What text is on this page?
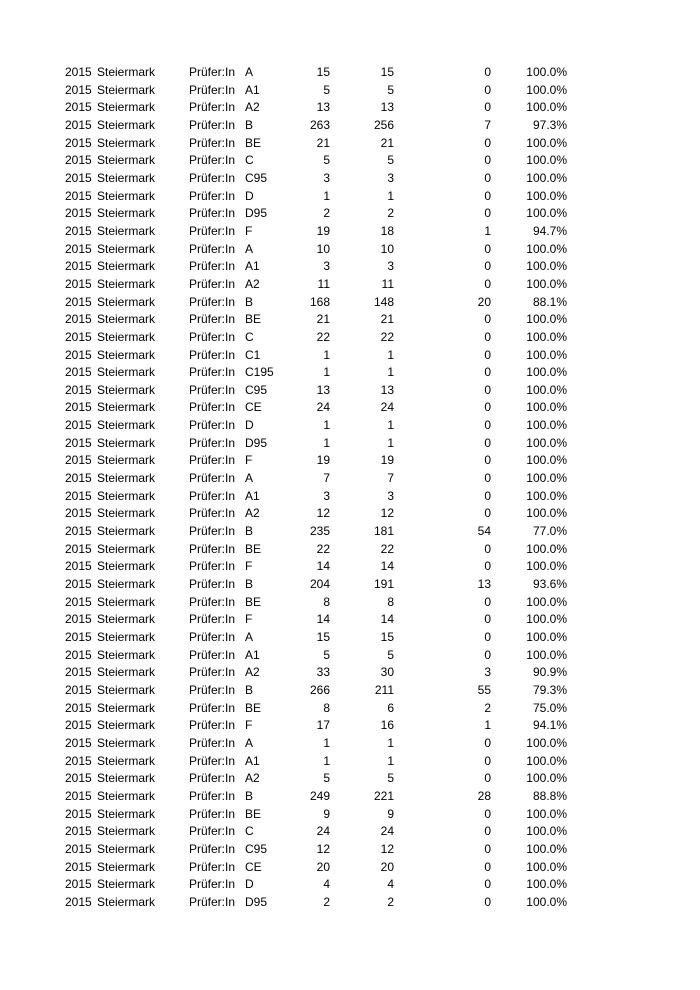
2015 Steiermark	Prüfer:In A	15	15	0	100.0%
2015 Steiermark	Prüfer:In A1	5	5	0	100.0%
2015 Steiermark	Prüfer:In A2	13	13	0	100.0%
2015 Steiermark	Prüfer:In B	263	256	7	97.3%
2015 Steiermark	Prüfer:In BE	21	21	0	100.0%
2015 Steiermark	Prüfer:In C	5	5	0	100.0%
2015 Steiermark	Prüfer:In C95	3	3	0	100.0%
2015 Steiermark	Prüfer:In D	1	1	0	100.0%
2015 Steiermark	Prüfer:In D95	2	2	0	100.0%
2015 Steiermark	Prüfer:In F	19	18	1	94.7%
2015 Steiermark	Prüfer:In A	10	10	0	100.0%
2015 Steiermark	Prüfer:In A1	3	3	0	100.0%
2015 Steiermark	Prüfer:In A2	11	11	0	100.0%
2015 Steiermark	Prüfer:In B	168	148	20	88.1%
2015 Steiermark	Prüfer:In BE	21	21	0	100.0%
2015 Steiermark	Prüfer:In C	22	22	0	100.0%
2015 Steiermark	Prüfer:In C1	1	1	0	100.0%
2015 Steiermark	Prüfer:In C195	1	1	0	100.0%
2015 Steiermark	Prüfer:In C95	13	13	0	100.0%
2015 Steiermark	Prüfer:In CE	24	24	0	100.0%
2015 Steiermark	Prüfer:In D	1	1	0	100.0%
2015 Steiermark	Prüfer:In D95	1	1	0	100.0%
2015 Steiermark	Prüfer:In F	19	19	0	100.0%
2015 Steiermark	Prüfer:In A	7	7	0	100.0%
2015 Steiermark	Prüfer:In A1	3	3	0	100.0%
2015 Steiermark	Prüfer:In A2	12	12	0	100.0%
2015 Steiermark	Prüfer:In B	235	181	54	77.0%
2015 Steiermark	Prüfer:In BE	22	22	0	100.0%
2015 Steiermark	Prüfer:In F	14	14	0	100.0%
2015 Steiermark	Prüfer:In B	204	191	13	93.6%
2015 Steiermark	Prüfer:In BE	8	8	0	100.0%
2015 Steiermark	Prüfer:In F	14	14	0	100.0%
2015 Steiermark	Prüfer:In A	15	15	0	100.0%
2015 Steiermark	Prüfer:In A1	5	5	0	100.0%
2015 Steiermark	Prüfer:In A2	33	30	3	90.9%
2015 Steiermark	Prüfer:In B	266	211	55	79.3%
2015 Steiermark	Prüfer:In BE	8	6	2	75.0%
2015 Steiermark	Prüfer:In F	17	16	1	94.1%
2015 Steiermark	Prüfer:In A	1	1	0	100.0%
2015 Steiermark	Prüfer:In A1	1	1	0	100.0%
2015 Steiermark	Prüfer:In A2	5	5	0	100.0%
2015 Steiermark	Prüfer:In B	249	221	28	88.8%
2015 Steiermark	Prüfer:In BE	9	9	0	100.0%
2015 Steiermark	Prüfer:In C	24	24	0	100.0%
2015 Steiermark	Prüfer:In C95	12	12	0	100.0%
2015 Steiermark	Prüfer:In CE	20	20	0	100.0%
2015 Steiermark	Prüfer:In D	4	4	0	100.0%
2015 Steiermark	Prüfer:In D95	2	2	0	100.0%
